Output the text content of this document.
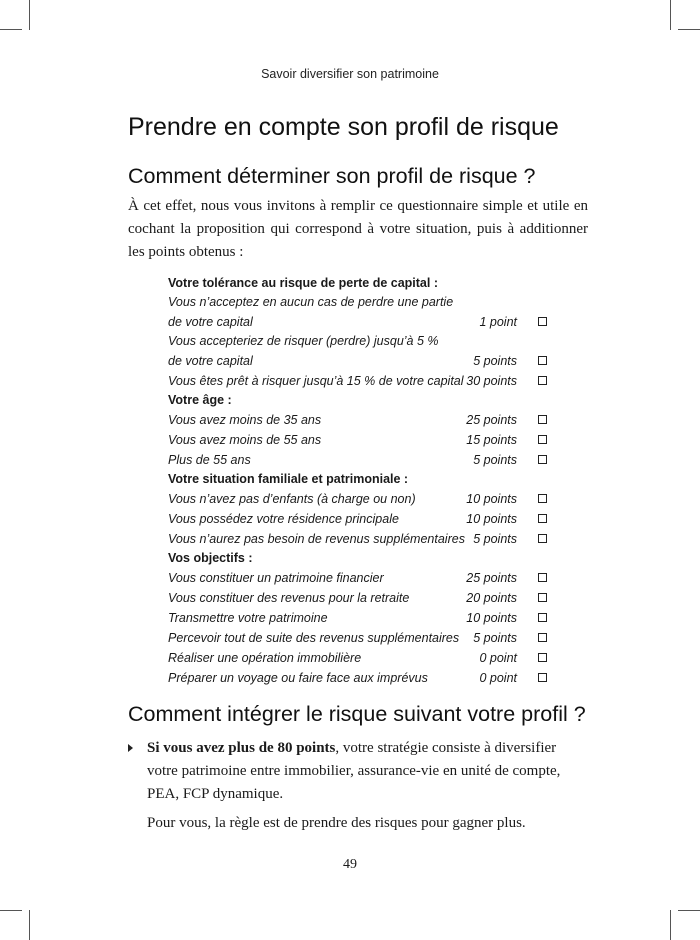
Savoir diversifier son patrimoine
Prendre en compte son profil de risque
Comment déterminer son profil de risque ?

À cet effet, nous vous invitons à remplir ce questionnaire simple et utile en cochant la proposition qui correspond à votre situation, puis à additionner les points obtenus :

Votre tolérance au risque de perte de capital :
Vous n’acceptez en aucun cas de perdre une partie
de votre capital	1 point
Vous accepteriez de risquer (perdre) jusqu’à 5 %
de votre capital	5 points
Vous êtes prêt à risquer jusqu’à 15 % de votre capital 30 points
Votre âge :
Vous avez moins de 35 ans	25 points
Vous avez moins de 55 ans	15 points
Plus de 55 ans	5 points
Votre situation familiale et patrimoniale :
Vous n’avez pas d’enfants (à charge ou non)	10 points
Vous possédez votre résidence principale	10 points
Vous n’aurez pas besoin de revenus supplémentaires 5 points
Vos objectifs :
Vous constituer un patrimoine financier	25 points
Vous constituer des revenus pour la retraite	20 points
Transmettre votre patrimoine	10 points
Percevoir tout de suite des revenus supplémentaires 5 points
Réaliser une opération immobilière	0 point
Préparer un voyage ou faire face aux imprévus	0 point
Comment intégrer le risque suivant votre profil ?

Si vous avez plus de 80 points, votre stratégie consiste à diversifier votre patrimoine entre immobilier, assurance-vie en unité de compte, PEA, FCP dynamique.

Pour vous, la règle est de prendre des risques pour gagner plus.

49
